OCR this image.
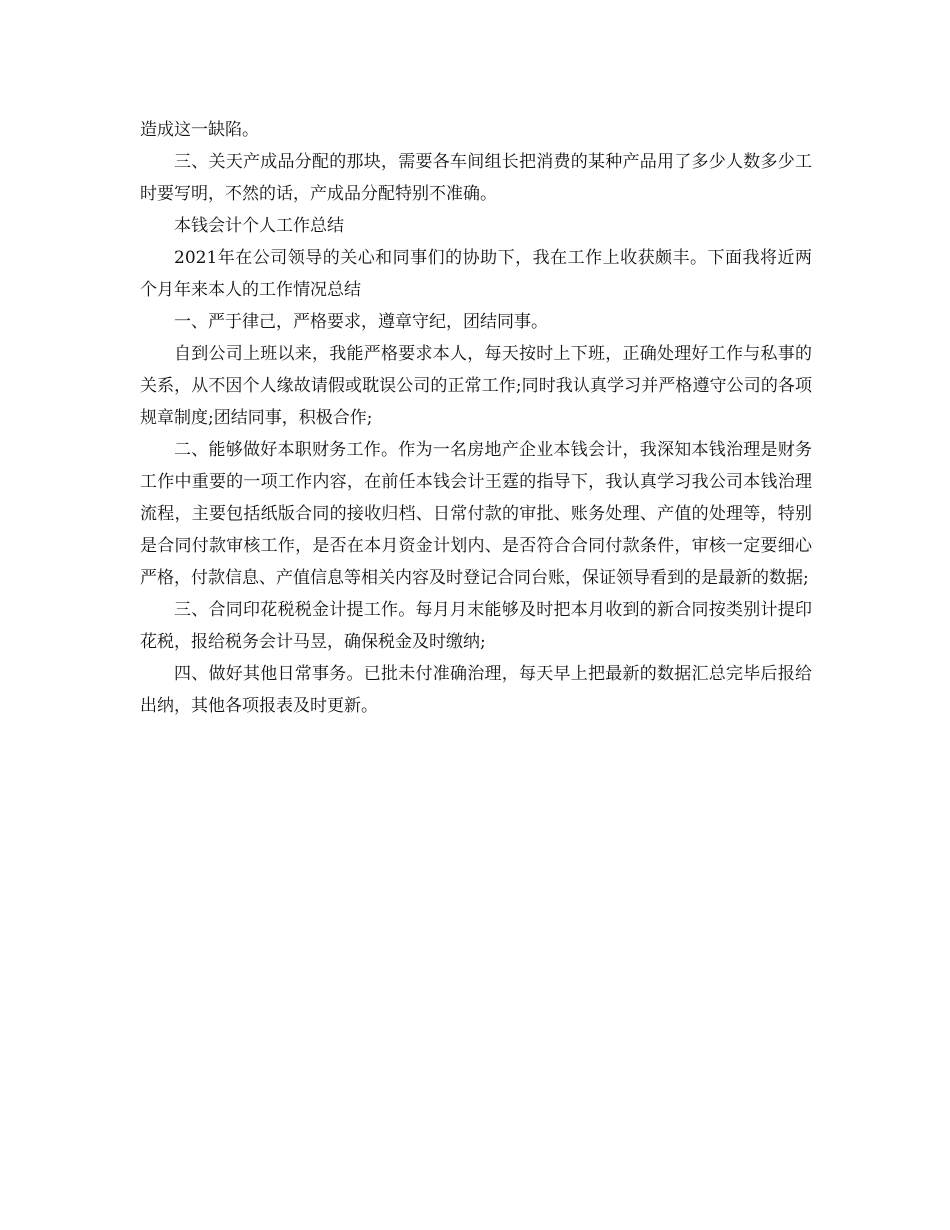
造成这一缺陷。

三、关天产成品分配的那块，需要各车间组长把消费的某种产品用了多少人数多少工时要写明，不然的话，产成品分配特别不准确。

本钱会计个人工作总结

2021年在公司领导的关心和同事们的协助下，我在工作上收获颇丰。下面我将近两个月年来本人的工作情况总结

一、严于律己，严格要求，遵章守纪，团结同事。

自到公司上班以来，我能严格要求本人，每天按时上下班，正确处理好工作与私事的关系，从不因个人缘故请假或耽误公司的正常工作;同时我认真学习并严格遵守公司的各项规章制度;团结同事，积极合作;

二、能够做好本职财务工作。作为一名房地产企业本钱会计，我深知本钱治理是财务工作中重要的一项工作内容，在前任本钱会计王霆的指导下，我认真学习我公司本钱治理流程，主要包括纸版合同的接收归档、日常付款的审批、账务处理、产值的处理等，特别是合同付款审核工作，是否在本月资金计划内、是否符合合同付款条件，审核一定要细心严格，付款信息、产值信息等相关内容及时登记合同台账，保证领导看到的是最新的数据;

三、合同印花税税金计提工作。每月月末能够及时把本月收到的新合同按类别计提印花税，报给税务会计马昱，确保税金及时缴纳;

四、做好其他日常事务。已批未付准确治理，每天早上把最新的数据汇总完毕后报给出纳，其他各项报表及时更新。
